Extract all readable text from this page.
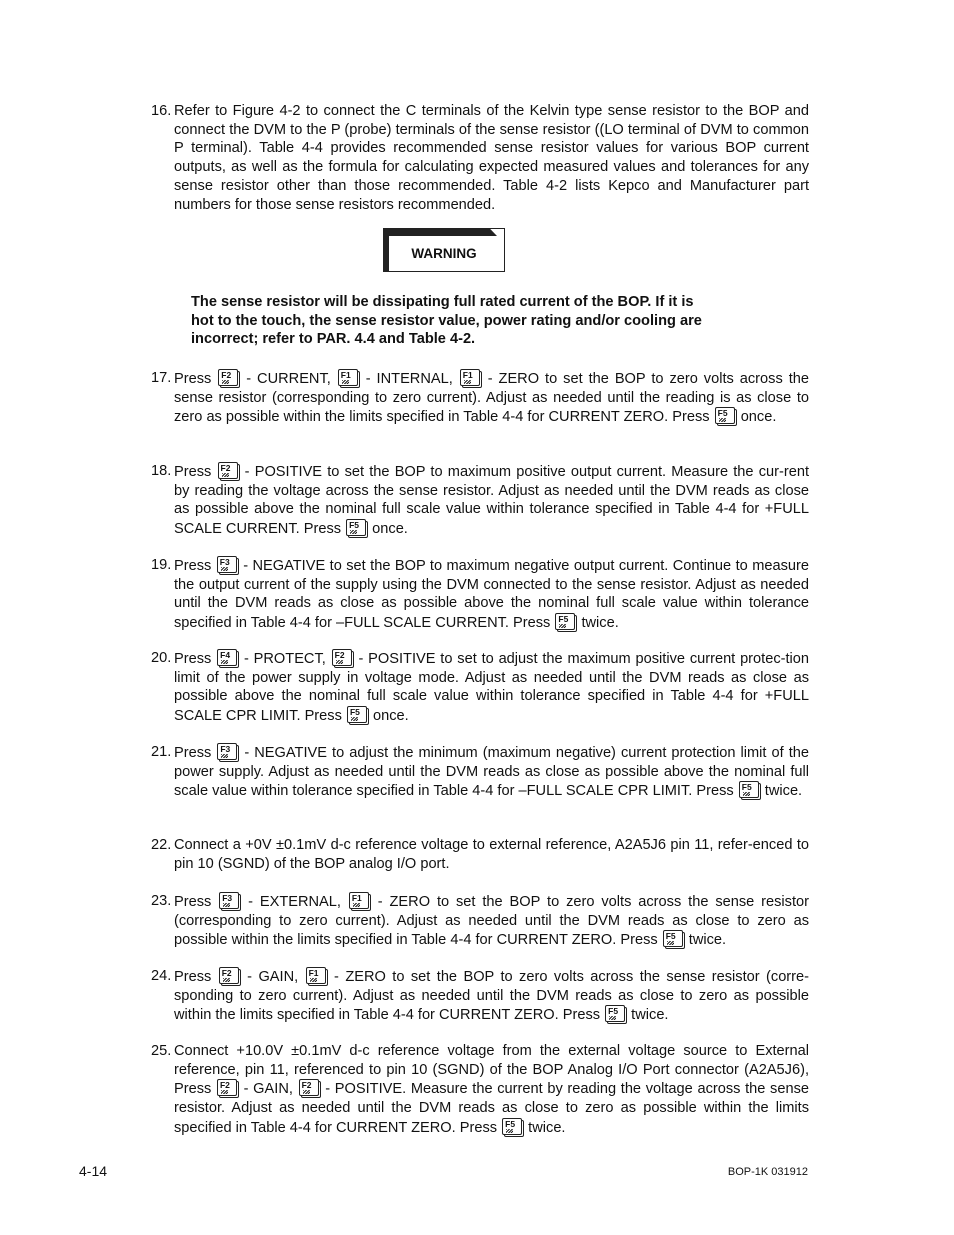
16. Refer to Figure 4-2 to connect the C terminals of the Kelvin type sense resistor to the BOP and connect the DVM to the P (probe) terminals of the sense resistor ((LO terminal of DVM to common P terminal). Table 4-4 provides recommended sense resistor values for various BOP current outputs, as well as the formula for calculating expected measured values and tolerances for any sense resistor other than those recommended. Table 4-2 lists Kepco and Manufacturer part numbers for those sense resistors recommended.
WARNING
The sense resistor will be dissipating full rated current of the BOP. If it is hot to the touch, the sense resistor value, power rating and/or cooling are incorrect; refer to PAR. 4.4 and Table 4-2.
17. Press F2 - CURRENT, F1 - INTERNAL, F1 - ZERO to set the BOP to zero volts across the sense resistor (corresponding to zero current). Adjust as needed until the reading is as close to zero as possible within the limits specified in Table 4-4 for CURRENT ZERO. Press F5 once.
18. Press F2 - POSITIVE to set the BOP to maximum positive output current. Measure the cur-rent by reading the voltage across the sense resistor. Adjust as needed until the DVM reads as close as possible above the nominal full scale value within tolerance specified in Table 4-4 for +FULL SCALE CURRENT. Press F5 once.
19. Press F3 - NEGATIVE to set the BOP to maximum negative output current. Continue to measure the output current of the supply using the DVM connected to the sense resistor. Adjust as needed until the DVM reads as close as possible above the nominal full scale value within tolerance specified in Table 4-4 for –FULL SCALE CURRENT. Press F5 twice.
20. Press F4 - PROTECT, F2 - POSITIVE to set to adjust the maximum positive current protec-tion limit of the power supply in voltage mode. Adjust as needed until the DVM reads as close as possible above the nominal full scale value within tolerance specified in Table 4-4 for +FULL SCALE CPR LIMIT. Press F5 once.
21. Press F3 - NEGATIVE to adjust the minimum (maximum negative) current protection limit of the power supply. Adjust as needed until the DVM reads as close as possible above the nominal full scale value within tolerance specified in Table 4-4 for –FULL SCALE CPR LIMIT. Press F5 twice.
22. Connect a +0V ±0.1mV d-c reference voltage to external reference, A2A5J6 pin 11, refer-enced to pin 10 (SGND) of the BOP analog I/O port.
23. Press F3 - EXTERNAL, F1 - ZERO to set the BOP to zero volts across the sense resistor (corresponding to zero current). Adjust as needed until the DVM reads as close to zero as possible within the limits specified in Table 4-4 for CURRENT ZERO. Press F5 twice.
24. Press F2 - GAIN, F1 - ZERO to set the BOP to zero volts across the sense resistor (corre-sponding to zero current). Adjust as needed until the DVM reads as close to zero as possible within the limits specified in Table 4-4 for CURRENT ZERO. Press F5 twice.
25. Connect +10.0V ±0.1mV d-c reference voltage from the external voltage source to External reference, pin 11, referenced to pin 10 (SGND) of the BOP Analog I/O Port connector (A2A5J6), Press F2 - GAIN, F2 - POSITIVE. Measure the current by reading the voltage across the sense resistor. Adjust as needed until the DVM reads as close to zero as possible within the limits specified in Table 4-4 for CURRENT ZERO. Press F5 twice.
4-14	BOP-1K 031912
